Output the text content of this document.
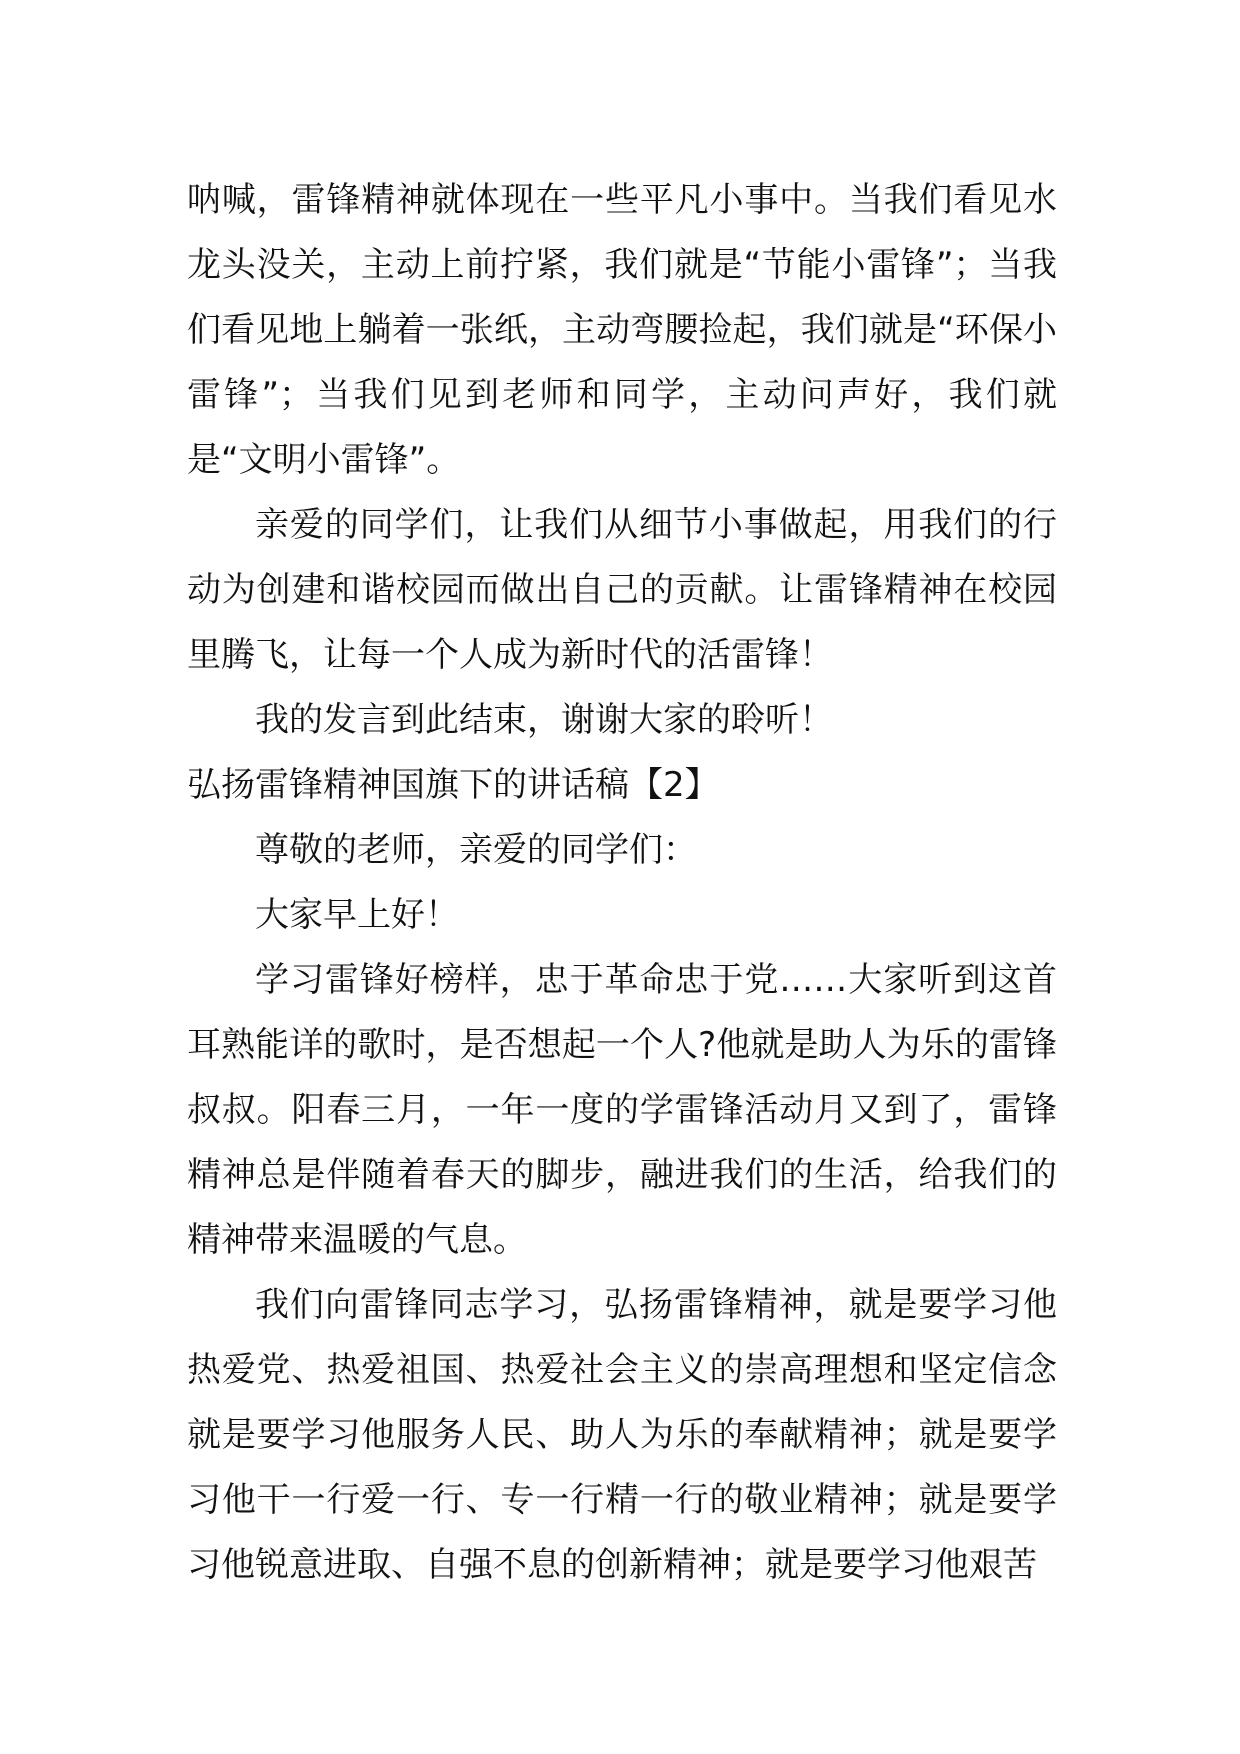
呐喊，雷锋精神就体现在一些平凡小事中。当我们看见水龙头没关，主动上前拧紧，我们就是“节能小雷锋”；当我们看见地上躺着一张纸，主动弯腰捡起，我们就是“环保小雷锋”；当我们见到老师和同学，主动问声好，我们就是“文明小雷锋”。

亲爱的同学们，让我们从细节小事做起，用我们的行动为创建和谐校园而做出自己的贡献。让雷锋精神在校园里腾飞，让每一个人成为新时代的活雷锋！

我的发言到此结束，谢谢大家的聆听！

弘扬雷锋精神国旗下的讲话稿【2】

尊敬的老师，亲爱的同学们：

大家早上好！

学习雷锋好榜样，忠于革命忠于党……大家听到这首耳熟能详的歌时，是否想起一个人?他就是助人为乐的雷锋叔叔。阳春三月，一年一度的学雷锋活动月又到了，雷锋精神总是伴随着春天的脚步，融进我们的生活，给我们的精神带来温暖的气息。

我们向雷锋同志学习，弘扬雷锋精神，就是要学习他热爱党、热爱祖国、热爱社会主义的崇高理想和坚定信念就是要学习他服务人民、助人为乐的奉献精神；就是要学习他干一行爱一行、专一行精一行的敬业精神；就是要学习他锐意进取、自强不息的创新精神；就是要学习他艰苦
